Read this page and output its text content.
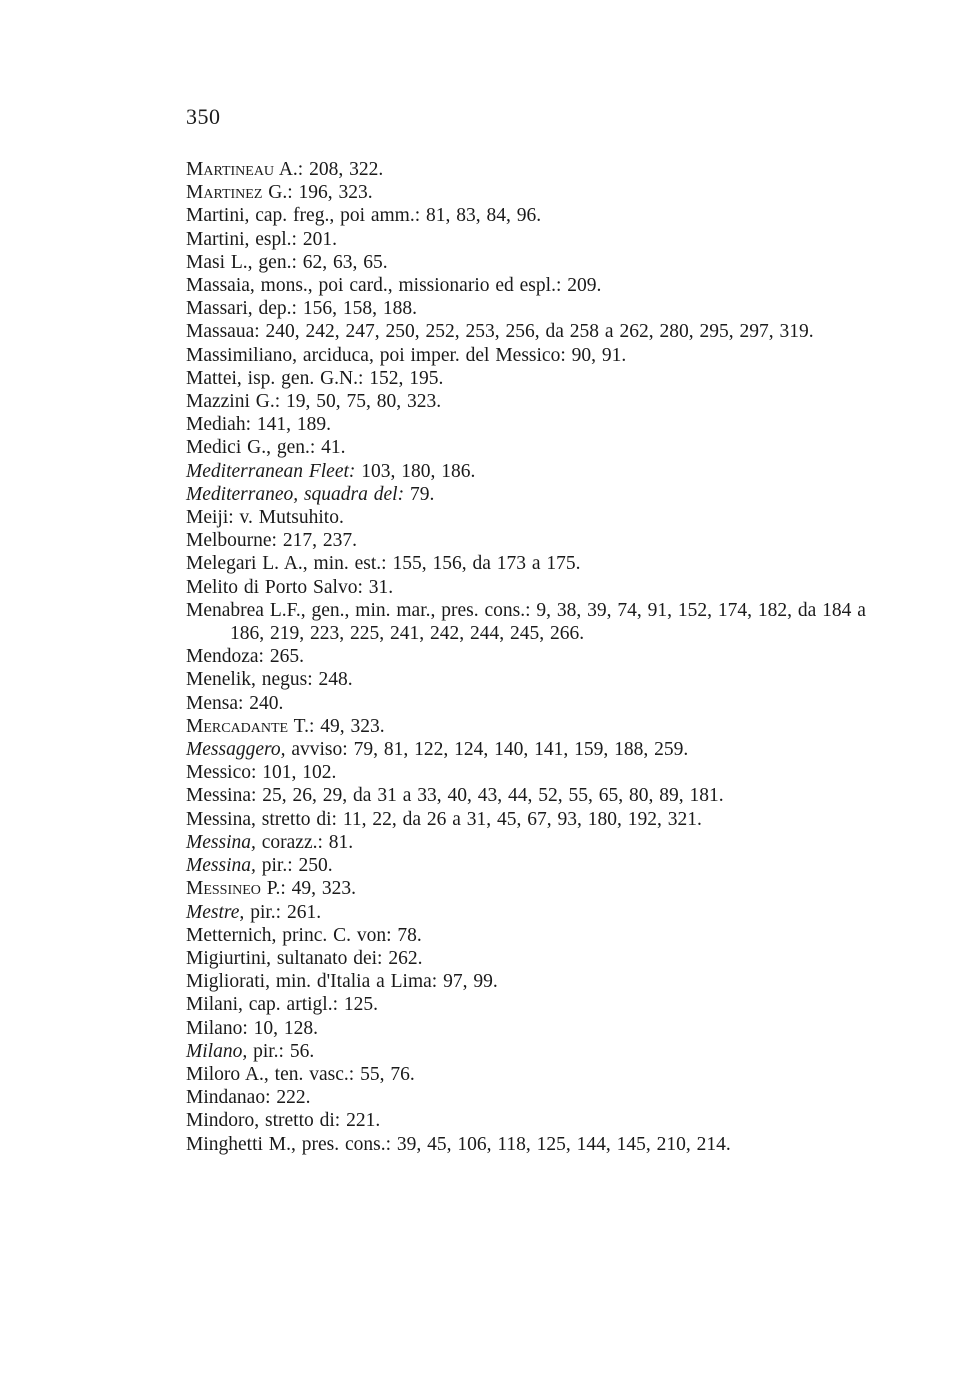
350
Martineau A.: 208, 322.
Martinez G.: 196, 323.
Martini, cap. freg., poi amm.: 81, 83, 84, 96.
Martini, espl.: 201.
Masi L., gen.: 62, 63, 65.
Massaia, mons., poi card., missionario ed espl.: 209.
Massari, dep.: 156, 158, 188.
Massaua: 240, 242, 247, 250, 252, 253, 256, da 258 a 262, 280, 295, 297, 319.
Massimiliano, arciduca, poi imper. del Messico: 90, 91.
Mattei, isp. gen. G.N.: 152, 195.
Mazzini G.: 19, 50, 75, 80, 323.
Mediah: 141, 189.
Medici G., gen.: 41.
Mediterranean Fleet: 103, 180, 186.
Mediterraneo, squadra del: 79.
Meiji: v. Mutsuhito.
Melbourne: 217, 237.
Melegari L. A., min. est.: 155, 156, da 173 a 175.
Melito di Porto Salvo: 31.
Menabrea L.F., gen., min. mar., pres. cons.: 9, 38, 39, 74, 91, 152, 174, 182, da 184 a 186, 219, 223, 225, 241, 242, 244, 245, 266.
Mendoza: 265.
Menelik, negus: 248.
Mensa: 240.
Mercadante T.: 49, 323.
Messaggero, avviso: 79, 81, 122, 124, 140, 141, 159, 188, 259.
Messico: 101, 102.
Messina: 25, 26, 29, da 31 a 33, 40, 43, 44, 52, 55, 65, 80, 89, 181.
Messina, stretto di: 11, 22, da 26 a 31, 45, 67, 93, 180, 192, 321.
Messina, corazz.: 81.
Messina, pir.: 250.
Messineo P.: 49, 323.
Mestre, pir.: 261.
Metternich, princ. C. von: 78.
Migiurtini, sultanato dei: 262.
Migliorati, min. d'Italia a Lima: 97, 99.
Milani, cap. artigl.: 125.
Milano: 10, 128.
Milano, pir.: 56.
Miloro A., ten. vasc.: 55, 76.
Mindanao: 222.
Mindoro, stretto di: 221.
Minghetti M., pres. cons.: 39, 45, 106, 118, 125, 144, 145, 210, 214.
